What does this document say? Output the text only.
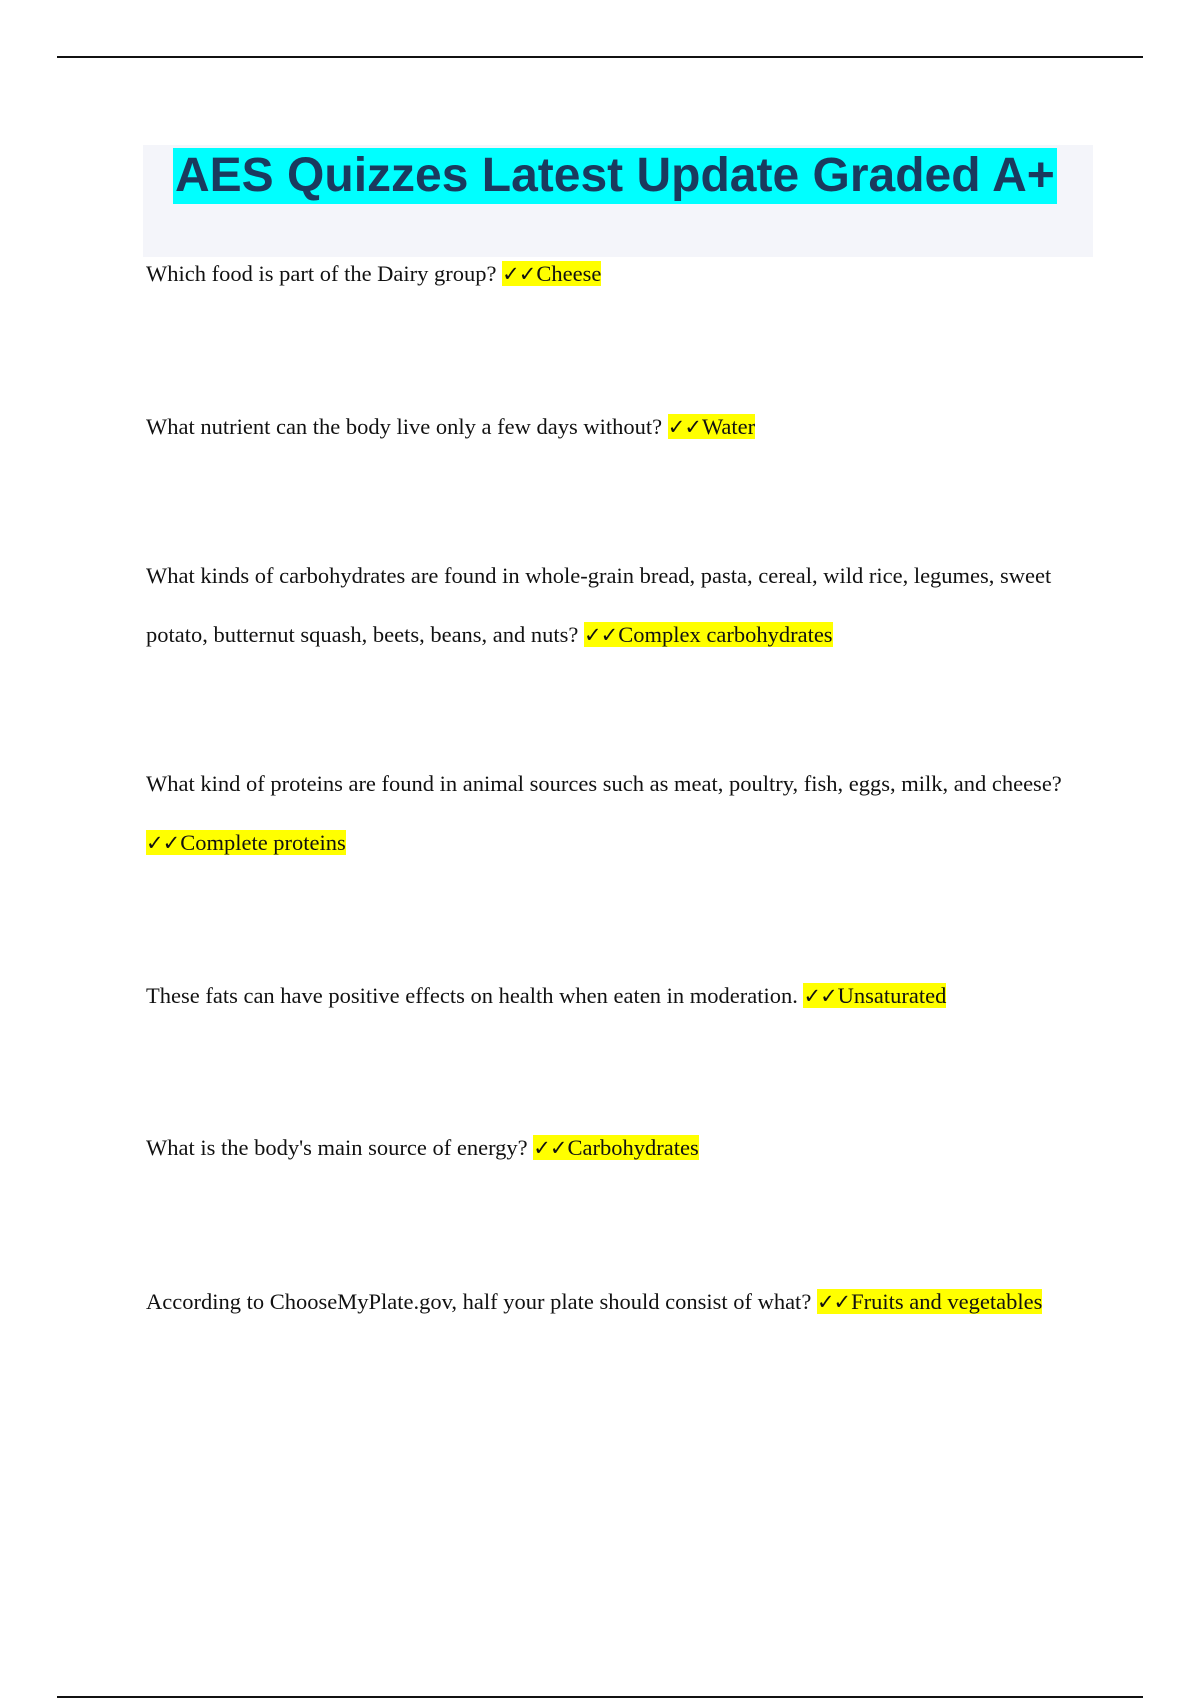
AES Quizzes Latest Update Graded A+

Which food is part of the Dairy group? ✓✓Cheese

What nutrient can the body live only a few days without? ✓✓Water

What kinds of carbohydrates are found in whole-grain bread, pasta, cereal, wild rice, legumes, sweet potato, butternut squash, beets, beans, and nuts? ✓✓Complex carbohydrates

What kind of proteins are found in animal sources such as meat, poultry, fish, eggs, milk, and cheese? ✓✓Complete proteins

These fats can have positive effects on health when eaten in moderation. ✓✓Unsaturated

What is the body's main source of energy? ✓✓Carbohydrates

According to ChooseMyPlate.gov, half your plate should consist of what? ✓✓Fruits and vegetables
